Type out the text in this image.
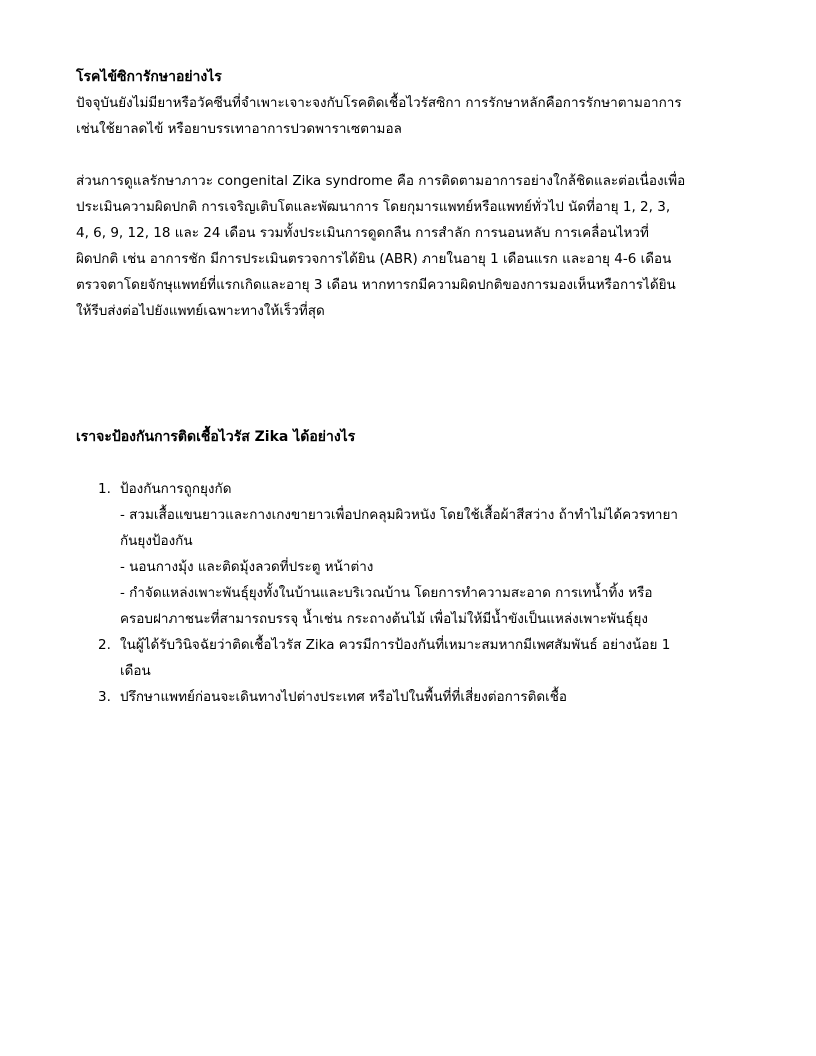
โรคไข้ซิการักษาอย่างไร
ปัจจุบันยังไม่มียาหรือวัคซีนที่จำเพาะเจาะจงกับโรคติดเชื้อไวรัสซิกา การรักษาหลักคือการรักษาตามอาการ
เช่นใช้ยาลดไข้ หรือยาบรรเทาอาการปวดพาราเซตามอล
ส่วนการดูแลรักษาภาวะ congenital Zika syndrome คือ การติดตามอาการอย่างใกล้ชิดและต่อเนื่องเพื่อ
ประเมินความผิดปกติ การเจริญเติบโตและพัฒนาการ โดยกุมารแพทย์หรือแพทย์ทั่วไป นัดที่อายุ 1, 2, 3,
4, 6, 9, 12, 18 และ 24 เดือน รวมทั้งประเมินการดูดกลืน การสำลัก การนอนหลับ การเคลื่อนไหวที่
ผิดปกติ เช่น อาการชัก มีการประเมินตรวจการได้ยิน (ABR) ภายในอายุ 1 เดือนแรก และอายุ 4-6 เดือน
ตรวจตาโดยจักษุแพทย์ที่แรกเกิดและอายุ 3 เดือน หากทารกมีความผิดปกติของการมองเห็นหรือการได้ยิน
ให้รีบส่งต่อไปยังแพทย์เฉพาะทางให้เร็วที่สุด
เราจะป้องกันการติดเชื้อไวรัส Zika ได้อย่างไร
1. ป้องกันการถูกยุงกัด
- สวมเสื้อแขนยาวและกางเกงขายาวเพื่อปกคลุมผิวหนัง โดยใช้เสื้อผ้าสีสว่าง ถ้าทำไม่ได้ควรทายา
กันยุงป้องกัน
- นอนกางมุ้ง และติดมุ้งลวดที่ประตู หน้าต่าง
- กำจัดแหล่งเพาะพันธุ์ยุงทั้งในบ้านและบริเวณบ้าน โดยการทำความสะอาด การเทน้ำทิ้ง หรือ
ครอบฝาภาชนะที่สามารถบรรจุ น้ำเช่น กระถางต้นไม้ เพื่อไม่ให้มีน้ำขังเป็นแหล่งเพาะพันธุ์ยุง
2. ในผู้ได้รับวินิจฉัยว่าติดเชื้อไวรัส Zika ควรมีการป้องกันที่เหมาะสมหากมีเพศสัมพันธ์ อย่างน้อย 1
เดือน
3. ปรึกษาแพทย์ก่อนจะเดินทางไปต่างประเทศ หรือไปในพื้นที่ที่เสี่ยงต่อการติดเชื้อ
